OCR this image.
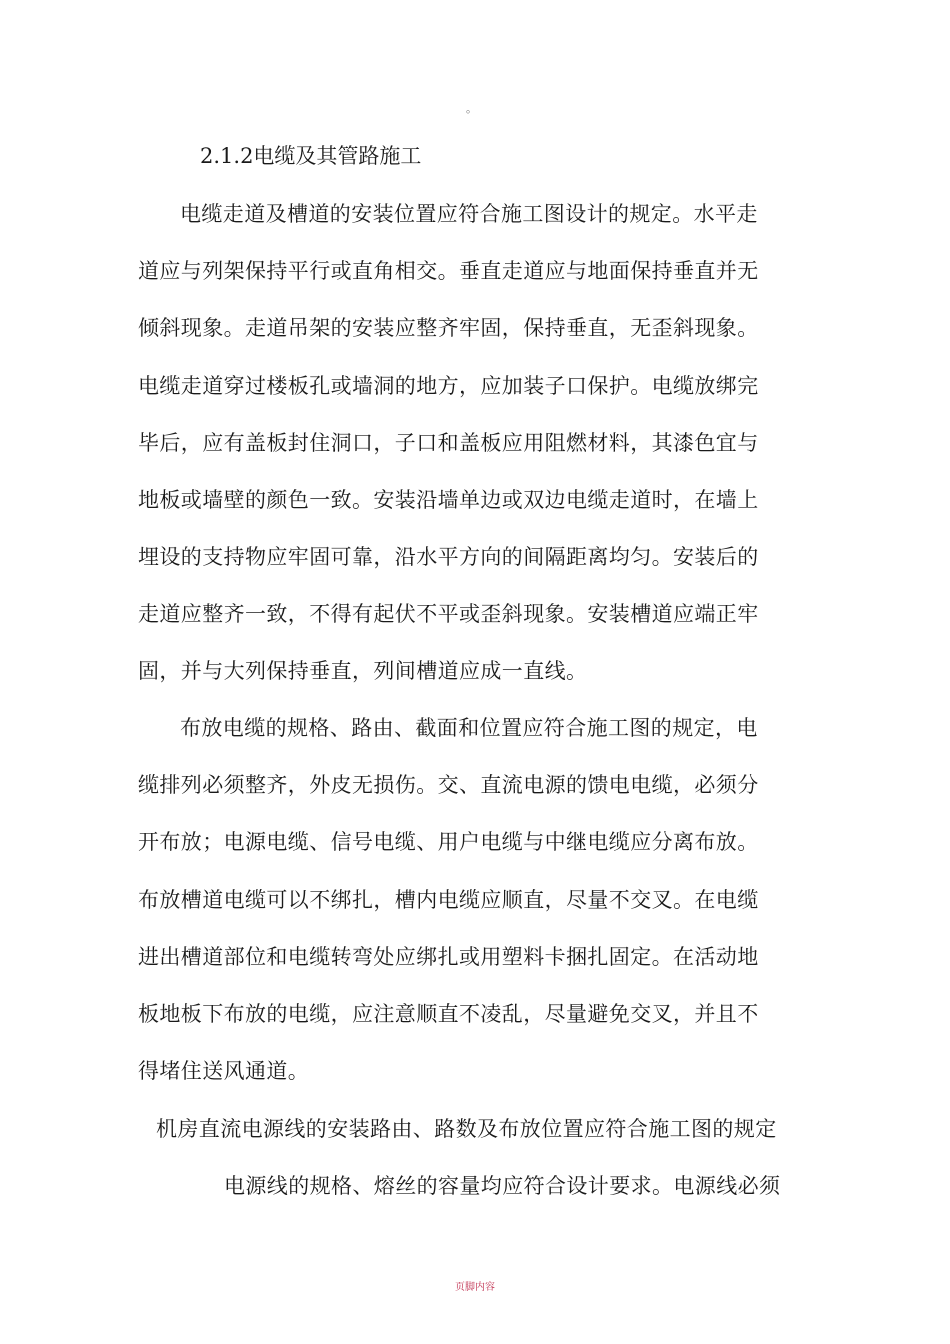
。
2.1.2电缆及其管路施工
电缆走道及槽道的安装位置应符合施工图设计的规定。水平走
道应与列架保持平行或直角相交。垂直走道应与地面保持垂直并无
倾斜现象。走道吊架的安装应整齐牢固，保持垂直，无歪斜现象。
电缆走道穿过楼板孔或墙洞的地方，应加装子口保护。电缆放绑完
毕后，应有盖板封住洞口，子口和盖板应用阻燃材料，其漆色宜与
地板或墙壁的颜色一致。安装沿墙单边或双边电缆走道时，在墙上
埋设的支持物应牢固可靠，沿水平方向的间隔距离均匀。安装后的
走道应整齐一致，不得有起伏不平或歪斜现象。安装槽道应端正牢
固，并与大列保持垂直，列间槽道应成一直线。
布放电缆的规格、路由、截面和位置应符合施工图的规定，电
缆排列必须整齐，外皮无损伤。交、直流电源的馈电电缆，必须分
开布放；电源电缆、信号电缆、用户电缆与中继电缆应分离布放。
布放槽道电缆可以不绑扎，槽内电缆应顺直，尽量不交叉。在电缆
进出槽道部位和电缆转弯处应绑扎或用塑料卡捆扎固定。在活动地
板地板下布放的电缆，应注意顺直不凌乱，尽量避免交叉，并且不
得堵住送风通道。
机房直流电源线的安装路由、路数及布放位置应符合施工图的规定
电源线的规格、熔丝的容量均应符合设计要求。电源线必须
页脚内容
